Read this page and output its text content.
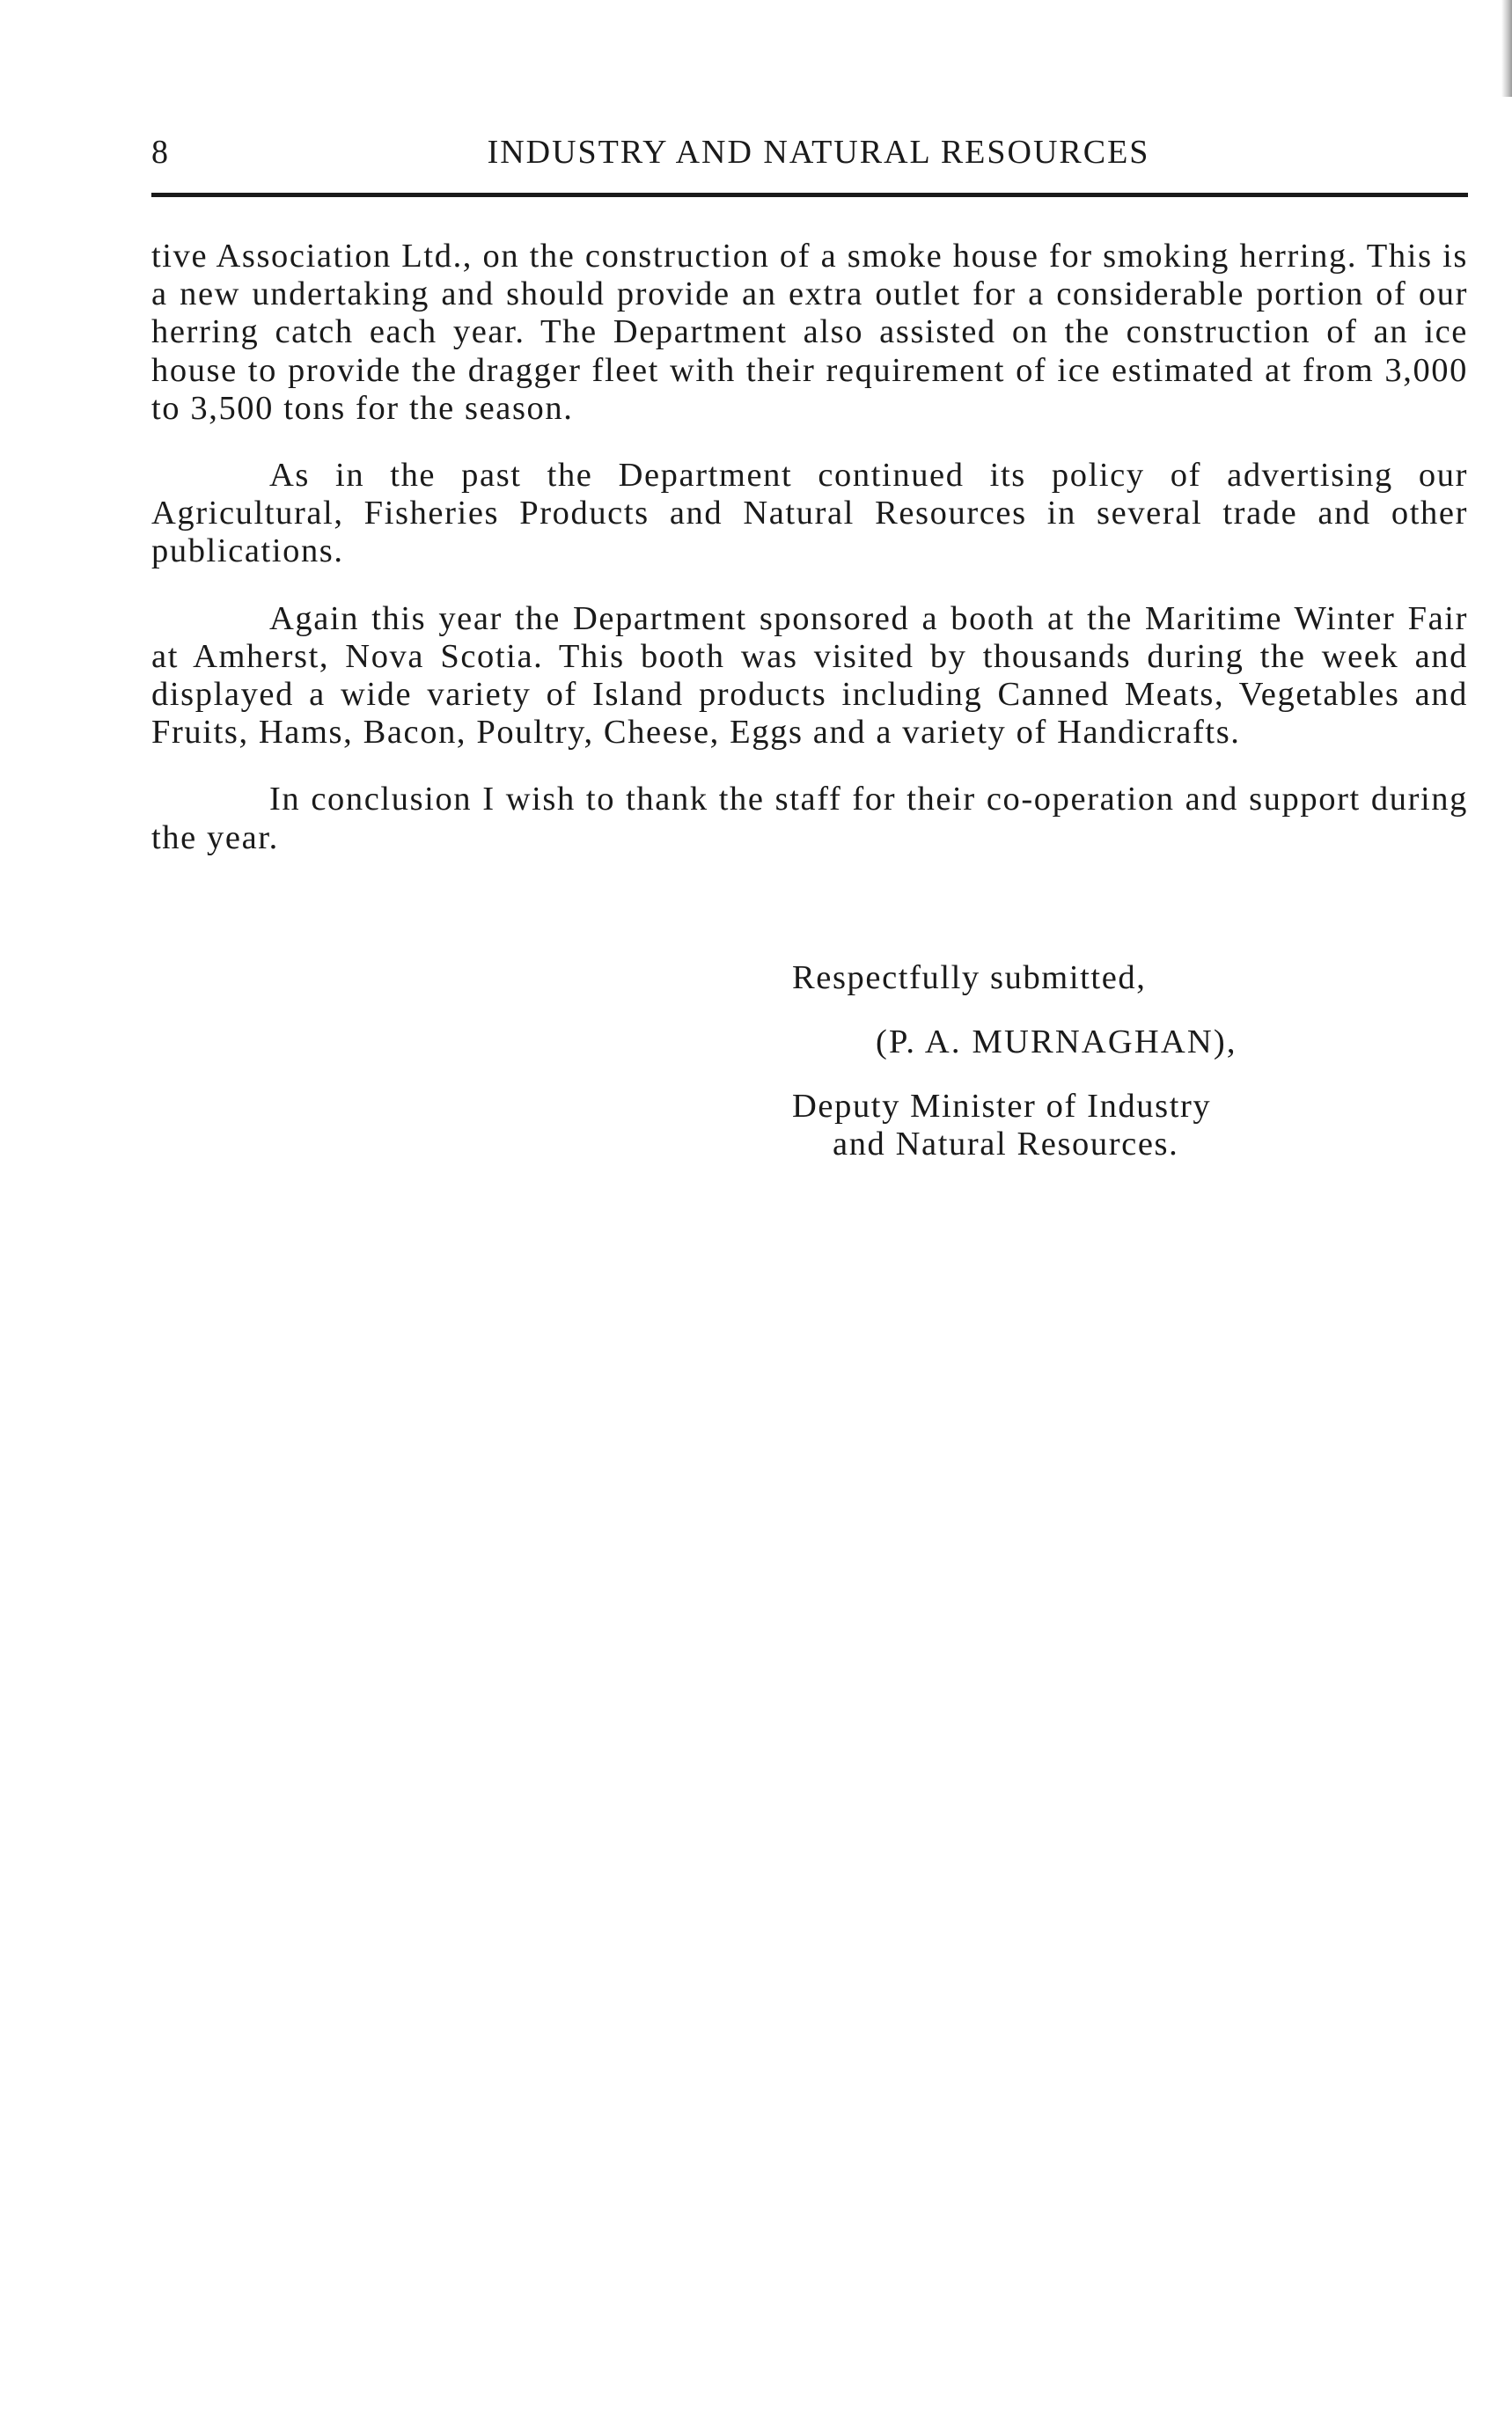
8	INDUSTRY AND NATURAL RESOURCES

tive Association Ltd., on the construction of a smoke house for smoking herring. This is a new undertaking and should provide an extra outlet for a considerable portion of our herring catch each year. The Department also assisted on the construction of an ice house to provide the dragger fleet with their requirement of ice estimated at from 3,000 to 3,500 tons for the season.

As in the past the Department continued its policy of advertising our Agricultural, Fisheries Products and Natural Resources in several trade and other publications.

Again this year the Department sponsored a booth at the Maritime Winter Fair at Amherst, Nova Scotia. This booth was visited by thousands during the week and displayed a wide variety of Island products including Canned Meats, Vegetables and Fruits, Hams, Bacon, Poultry, Cheese, Eggs and a variety of Handicrafts.

In conclusion I wish to thank the staff for their co-operation and support during the year.

Respectfully submitted,

(P. A. MURNAGHAN),

Deputy Minister of Industry

and Natural Resources.
